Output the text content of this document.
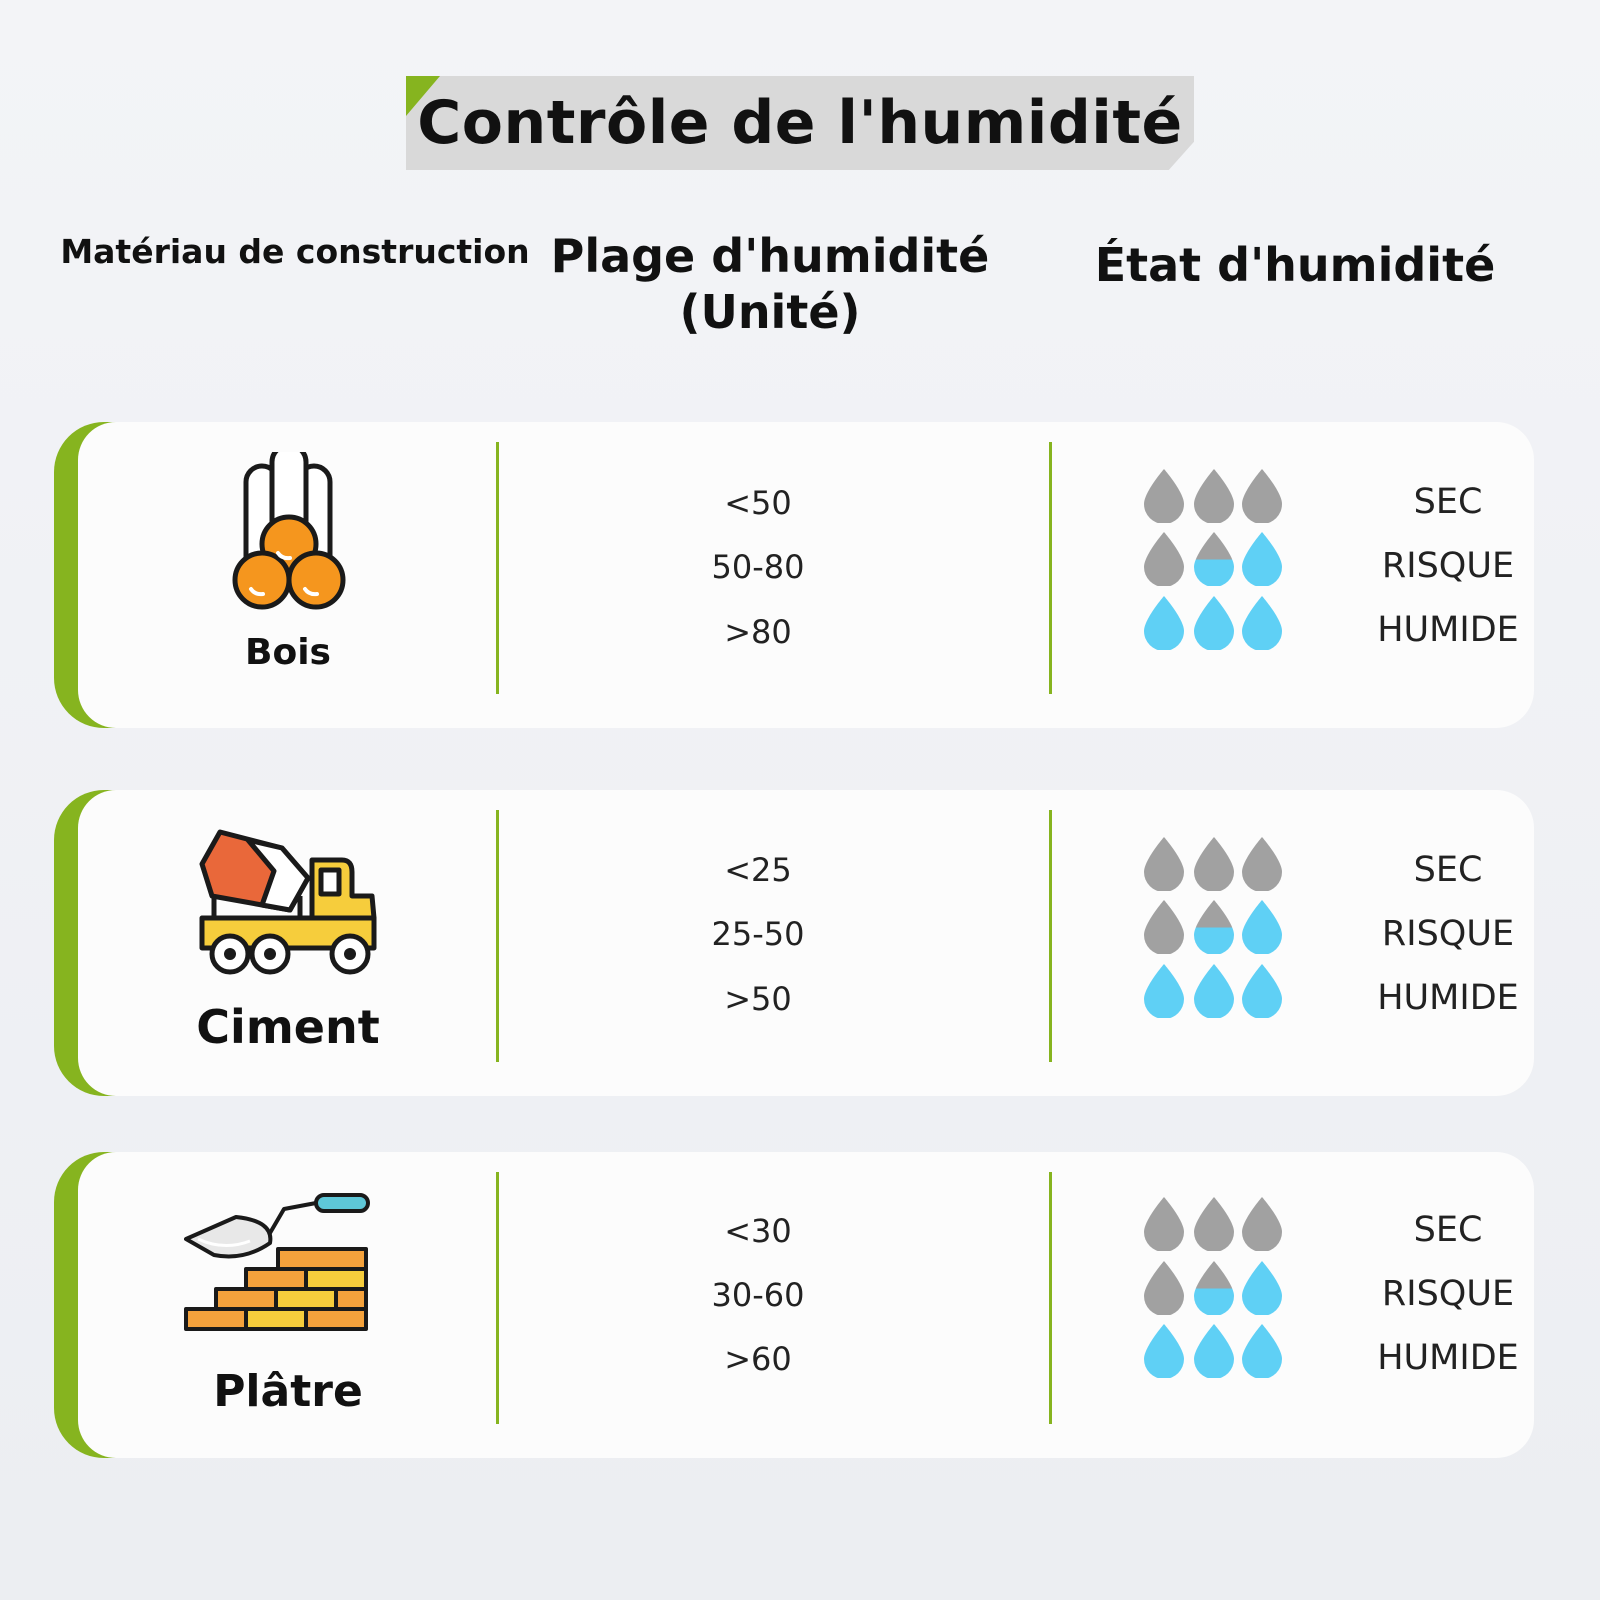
Contrôle de l'humidité
Matériau de construction Plage d'humidité
(Unité)
État d'humidité
Bois
<50
50-80
>80
SEC
RISQUE
HUMIDE
Ciment
<25
25-50
>50
SEC
RISQUE
HUMIDE
Plâtre
<30
30-60
>60
SEC
RISQUE
HUMIDE
